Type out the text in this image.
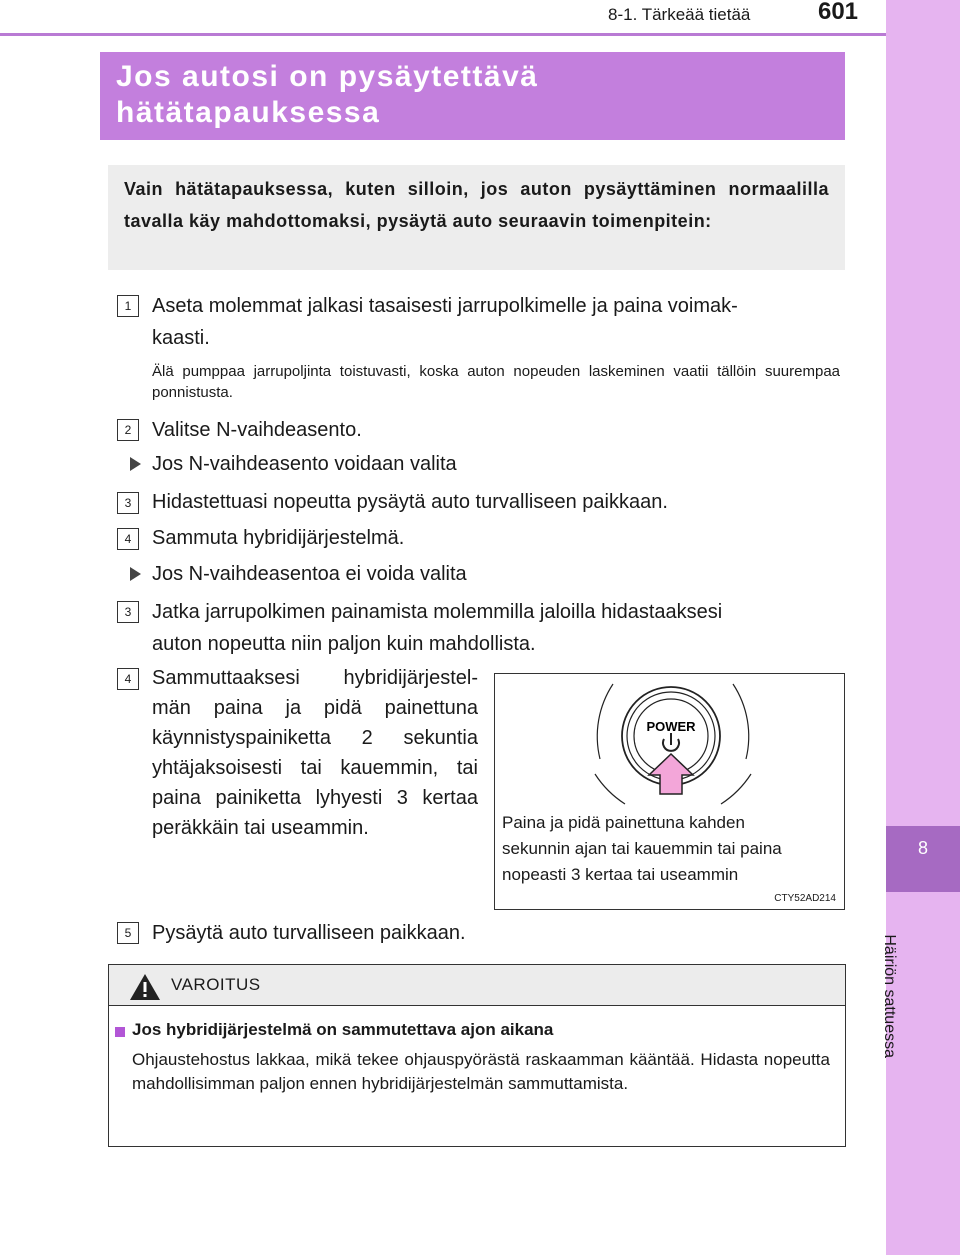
8
Häiriön sattuessa
8-1. Tärkeää tietää	601
Jos autosi on pysäytettävä
hätätapauksessa

Vain hätätapauksessa, kuten silloin, jos auton pysäyttäminen normaalilla tavalla käy mahdottomaksi, pysäytä auto seuraavin toimenpitein:

1	Aseta molemmat jalkasi tasaisesti jarrupolkimelle ja paina voimak-
kaasti.
Älä pumppaa jarrupoljinta toistuvasti, koska auton nopeuden laskeminen vaatii tällöin suurempaa ponnistusta.
2	Valitse N-vaihdeasento.
Jos N-vaihdeasento voidaan valita
3	Hidastettuasi nopeutta pysäytä auto turvalliseen paikkaan.
4	Sammuta hybridijärjestelmä.
Jos N-vaihdeasentoa ei voida valita
3	Jatka jarrupolkimen painamista molemmilla jaloilla hidastaaksesi
auton nopeutta niin paljon kuin mahdollista.
4	Sammuttaaksesi hybridijärjestel-
män paina ja pidä painettuna
käynnistyspainiketta 2 sekuntia
yhtäjaksoisesti tai kauemmin, tai
paina painiketta lyhyesti 3 kertaa
peräkkäin tai useammin.
POWER
Paina ja pidä painettuna kahden
sekunnin ajan tai kauemmin tai paina
nopeasti 3 kertaa tai useammin
CTY52AD214
5	Pysäytä auto turvalliseen paikkaan.
VAROITUS
Jos hybridijärjestelmä on sammutettava ajon aikana
Ohjaustehostus lakkaa, mikä tekee ohjauspyörästä raskaamman kääntää. Hidasta nopeutta mahdollisimman paljon ennen hybridijärjestelmän sammuttamista.
